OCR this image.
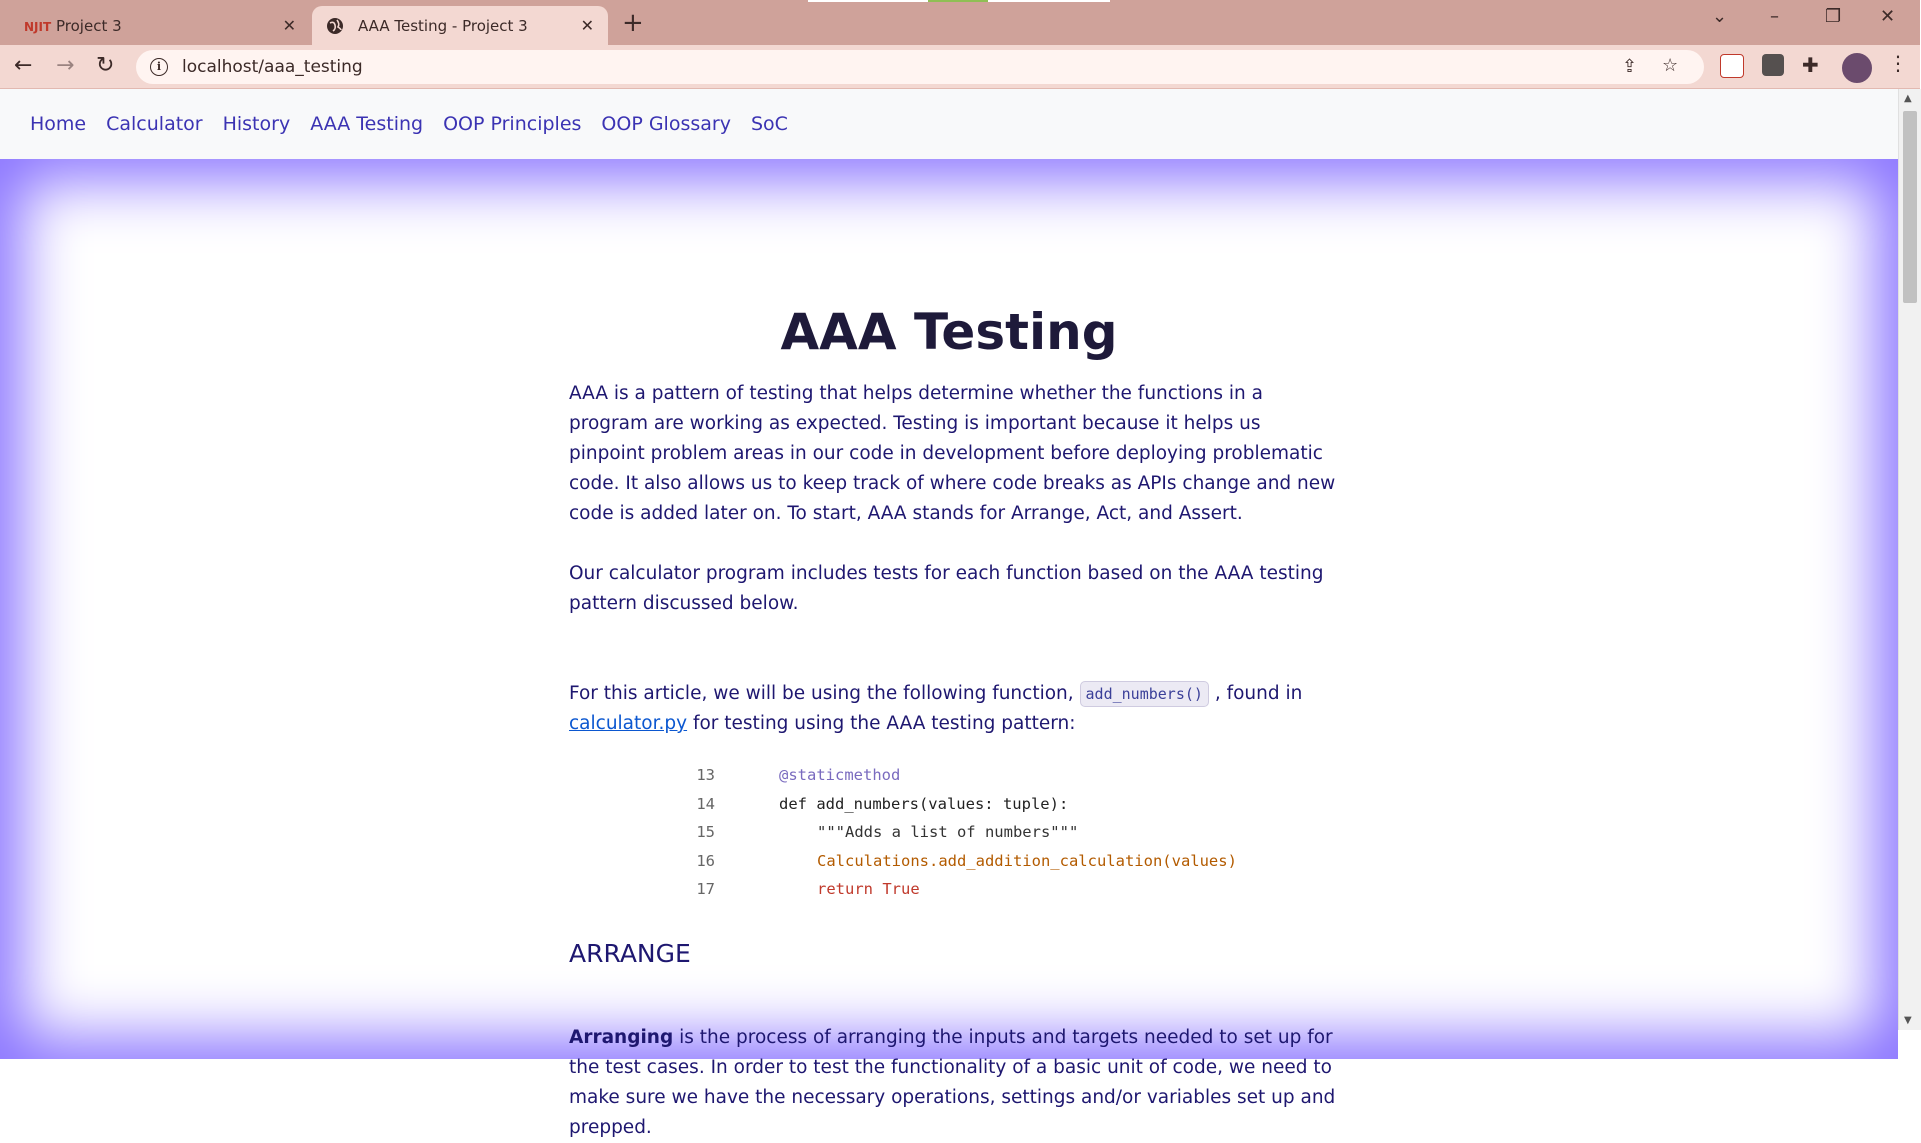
NJIT Project 3	✕	AAA Testing - Project 3	✕ +	⌄ –	❐ ✕
← → ↻	i	localhost/aaa_testing	⇪ ☆	✚	⋮
Home Calculator History AAA Testing OOP Principles OOP Glossary SoC
AAA Testing

AAA is a pattern of testing that helps determine whether the functions in a program are working as expected. Testing is important because it helps us pinpoint problem areas in our code in development before deploying problematic code. It also allows us to keep track of where code breaks as APIs change and new code is added later on. To start, AAA stands for Arrange, Act, and Assert.

Our calculator program includes tests for each function based on the AAA testing pattern discussed below.

For this article, we will be using the following function, add_numbers() , found in calculator.py for testing using the AAA testing pattern:

13	@staticmethod
14	def add_numbers(values: tuple):
15	"""Adds a list of numbers"""
16	Calculations.add_addition_calculation(values)
17	return True
ARRANGE

Arranging is the process of arranging the inputs and targets needed to set up for the test cases. In order to test the functionality of a basic unit of code, we need to make sure we have the necessary operations, settings and/or variables set up and prepped.

▲
▼
